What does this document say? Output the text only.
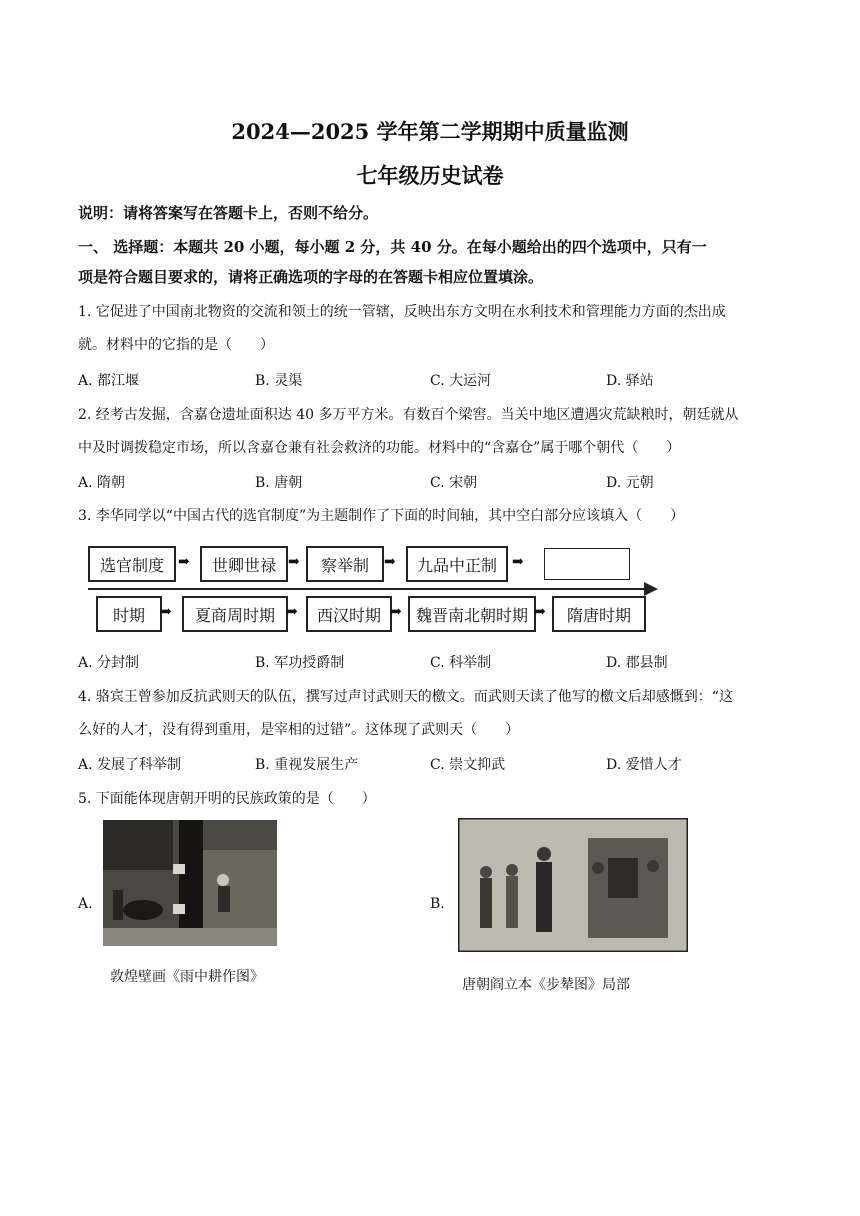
2024—2025 学年第二学期期中质量监测
七年级历史试卷
说明：请将答案写在答题卡上，否则不给分。
一、 选择题：本题共 20 小题，每小题 2 分，共 40 分。在每小题给出的四个选项中，只有一
项是符合题目要求的，请将正确选项的字母的在答题卡相应位置填涂。
1. 它促进了中国南北物资的交流和领土的统一管辖，反映出东方文明在水利技术和管理能力方面的杰出成
就。材料中的它指的是（　　）
A. 都江堰	B. 灵渠	C. 大运河	D. 驿站
2. 经考古发掘，含嘉仓遗址面积达 40 多万平方米。有数百个梁窖。当关中地区遭遇灾荒缺粮时，朝廷就从
中及时调拨稳定市场，所以含嘉仓兼有社会救济的功能。材料中的“含嘉仓”属于哪个朝代（　　）
A. 隋朝	B. 唐朝	C. 宋朝	D. 元朝
3. 李华同学以“中国古代的选官制度”为主题制作了下面的时间轴，其中空白部分应该填入（　　）
选官制度	➡	世卿世禄 ➡	察举制	➡	九品中正制	➡
时期	➡	夏商周时期 ➡	西汉时期 ➡ 魏晋南北朝时期 ➡	隋唐时期
A. 分封制	B. 军功授爵制	C. 科举制	D. 郡县制
4. 骆宾王曾参加反抗武则天的队伍，撰写过声讨武则天的檄文。而武则天读了他写的檄文后却感慨到：“这
么好的人才，没有得到重用，是宰相的过错”。这体现了武则天（　　）
A. 发展了科举制	B. 重视发展生产	C. 崇文抑武	D. 爱惜人才
5. 下面能体现唐朝开明的民族政策的是（　　）
A.
敦煌壁画《雨中耕作图》
B.
唐朝阎立本《步辇图》局部
